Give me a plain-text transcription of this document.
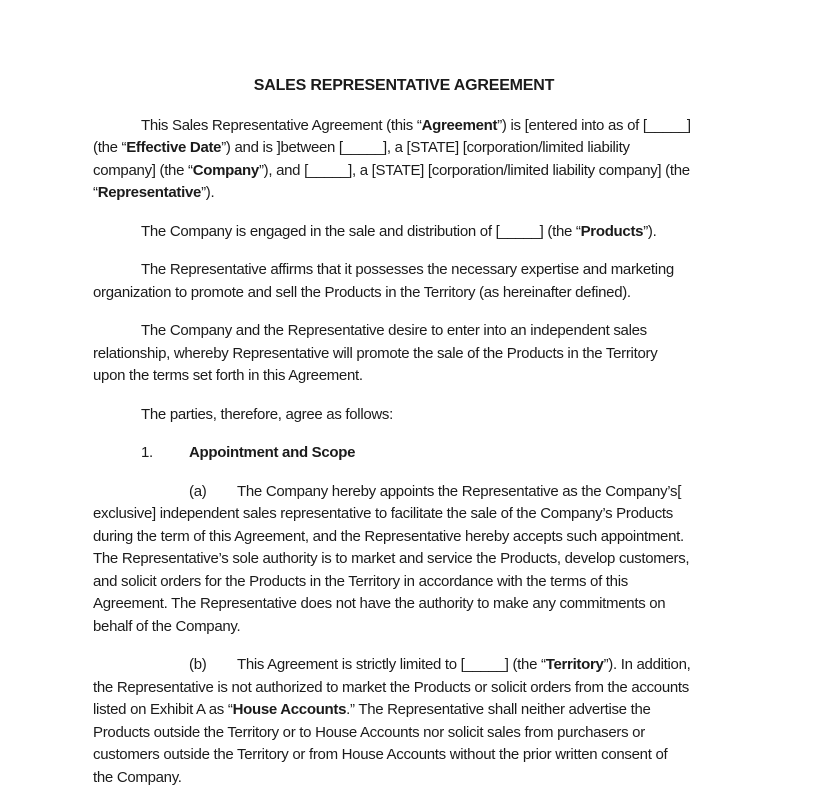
SALES REPRESENTATIVE AGREEMENT

This Sales Representative Agreement (this “Agreement”) is [entered into as of [_____]
(the “Effective Date”) and is ]between [_____], a [STATE] [corporation/limited liability
company] (the “Company”), and [_____], a [STATE] [corporation/limited liability company] (the
“Representative”).

The Company is engaged in the sale and distribution of [_____] (the “Products”).

The Representative affirms that it possesses the necessary expertise and marketing
organization to promote and sell the Products in the Territory (as hereinafter defined).

The Company and the Representative desire to enter into an independent sales
relationship, whereby Representative will promote the sale of the Products in the Territory
upon the terms set forth in this Agreement.

The parties, therefore, agree as follows:

1. Appointment and Scope

(a) The Company hereby appoints the Representative as the Company’s[
exclusive] independent sales representative to facilitate the sale of the Company’s Products
during the term of this Agreement, and the Representative hereby accepts such appointment.
The Representative’s sole authority is to market and service the Products, develop customers,
and solicit orders for the Products in the Territory in accordance with the terms of this
Agreement. The Representative does not have the authority to make any commitments on
behalf of the Company.

(b) This Agreement is strictly limited to [_____] (the “Territory”). In addition,
the Representative is not authorized to market the Products or solicit orders from the accounts
listed on Exhibit A as “House Accounts.” The Representative shall neither advertise the
Products outside the Territory or to House Accounts nor solicit sales from purchasers or
customers outside the Territory or from House Accounts without the prior written consent of
the Company.
